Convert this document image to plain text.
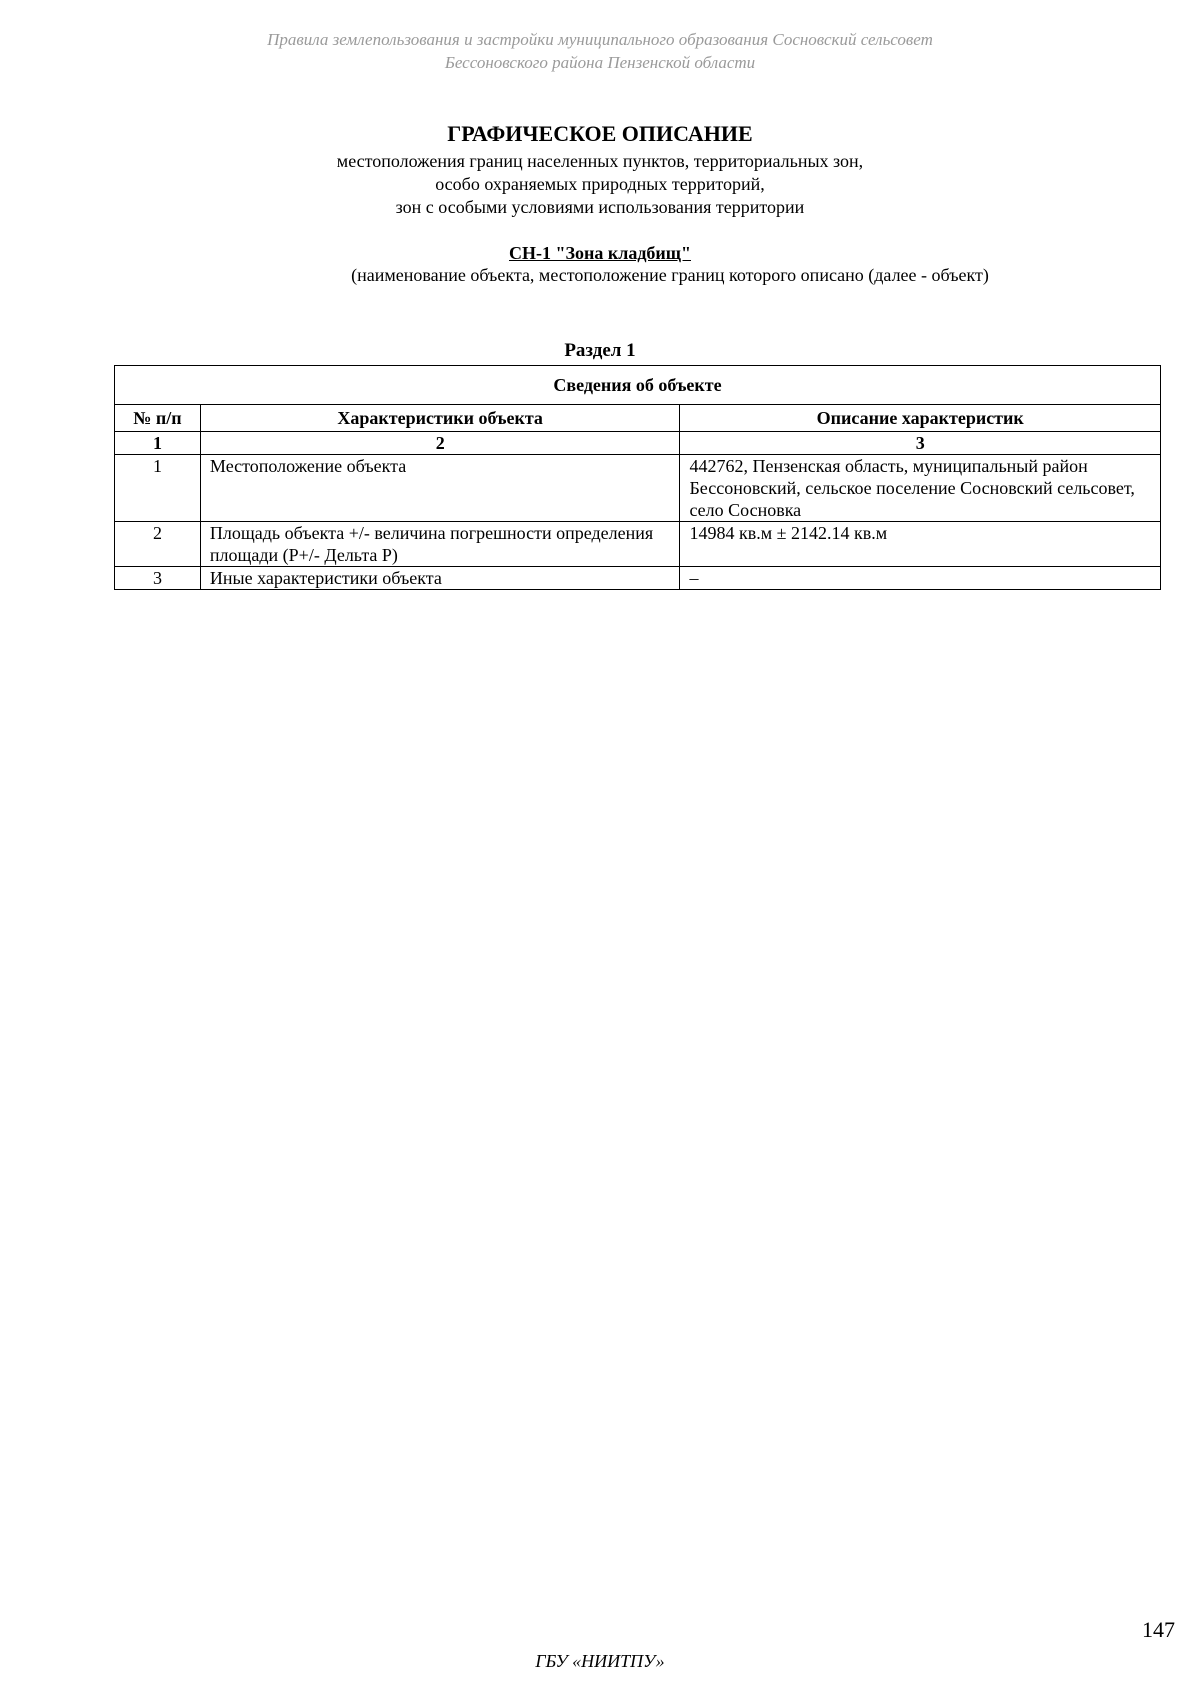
Правила землепользования и застройки муниципального образования Сосновский сельсовет
Бессоновского района Пензенской области
ГРАФИЧЕСКОЕ ОПИСАНИЕ
местоположения границ населенных пунктов, территориальных зон,
особо охраняемых природных территорий,
зон с особыми условиями использования территории
СН-1 "Зона кладбищ"
(наименование объекта, местоположение границ которого описано (далее - объект)
Раздел 1
Сведения об объекте		
№ п/п	Характеристики объекта	Описание характеристик
1	2	3
1	Местоположение объекта	442762, Пензенская область, муниципальный район Бессоновский, сельское поселение Сосновский сельсовет, село Сосновка
2	Площадь объекта +/- величина погрешности определения площади (Р+/- Дельта Р)	14984 кв.м ± 2142.14 кв.м
3	Иные характеристики объекта	–
147
ГБУ «НИИТПУ»
